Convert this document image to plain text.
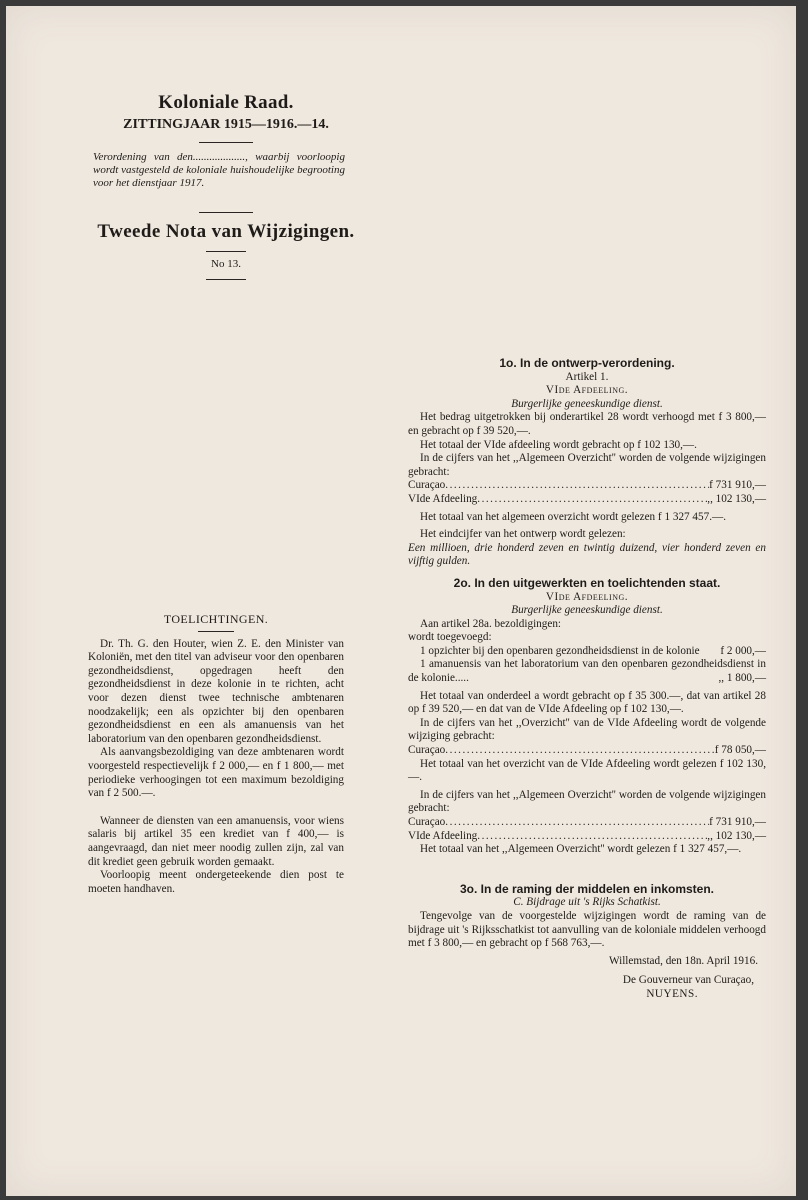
Koloniale Raad.
ZITTINGJAAR 1915—1916.—14.
Verordening van den..................., waarbij voorloopig wordt vastgesteld de koloniale huishoudelijke begrooting voor het dienstjaar 1917.
Tweede Nota van Wijzigingen.
No 13.

TOELICHTINGEN.

Dr. Th. G. den Houter, wien Z. E. den Minister van Koloniën, met den titel van adviseur voor den openbaren gezondheidsdienst, opgedragen heeft den gezondheidsdienst in deze kolonie in te richten, acht voor dezen dienst twee technische ambtenaren noodzakelijk; een als opzichter bij den openbaren gezondheidsdienst en een als amanuensis van het laboratorium van den openbaren gezondheidsdienst.

Als aanvangsbezoldiging van deze ambtenaren wordt voorgesteld respectievelijk f 2 000,— en f 1 800,— met periodieke verhoogingen tot een maximum bezoldiging van f 2 500.—.

Wanneer de diensten van een amanuensis, voor wiens salaris bij artikel 35 een krediet van f 400,— is aangevraagd, dan niet meer noodig zullen zijn, zal van dit krediet geen gebruik worden gemaakt.

Voorloopig meent ondergeteekende dien post te moeten handhaven.

1o. In de ontwerp-verordening.

Artikel 1.

VIde Afdeeling.

Burgerlijke geneeskundige dienst.

Het bedrag uitgetrokken bij onderartikel 28 wordt verhoogd met f 3 800,— en gebracht op f 39 520,—.

Het totaal der VIde afdeeling wordt gebracht op f 102 130,—.

In de cijfers van het ,,Algemeen Overzicht'' worden de volgende wijzigingen gebracht:

Curaçao .....	f 731 910,—
VIde Afdeeling .....	,, 102 130,—

Het totaal van het algemeen overzicht wordt gelezen f 1 327 457.—.

Het eindcijfer van het ontwerp wordt gelezen:

Een millioen, drie honderd zeven en twintig duizend, vier honderd zeven en vijftig gulden.

2o. In den uitgewerkten en toelichtenden staat.

VIde Afdeeling.

Burgerlijke geneeskundige dienst.

Aan artikel 28a. bezoldigingen:

wordt toegevoegd:

1 opzichter bij den openbaren gezondheidsdienst in de kolonie	f 2 000,—

1 amanuensis van het laboratorium van den openbaren gezondheidsdienst in de kolonie.....	,, 1 800,—

Het totaal van onderdeel a wordt gebracht op f 35 300.—, dat van artikel 28 op f 39 520,— en dat van de VIde Afdeeling op f 102 130,—.

In de cijfers van het ,,Overzicht'' van de VIde Afdeeling wordt de volgende wijziging gebracht:

Curaçao .....	f 78 050,—

Het totaal van het overzicht van de VIde Afdeeling wordt gelezen f 102 130,—.

In de cijfers van het ,,Algemeen Overzicht'' worden de volgende wijzigingen gebracht:

Curaçao .....	f 731 910,—
VIde Afdeeling .....	,, 102 130,—

Het totaal van het ,,Algemeen Overzicht'' wordt gelezen f 1 327 457,—.

3o. In de raming der middelen en inkomsten.

C. Bijdrage uit 's Rijks Schatkist.

Tengevolge van de voorgestelde wijzigingen wordt de raming van de bijdrage uit 's Rijksschatkist tot aanvulling van de koloniale middelen verhoogd met f 3 800,— en gebracht op f 568 763,—.

Willemstad, den 18n. April 1916.

De Gouverneur van Curaçao,

NUYENS.
